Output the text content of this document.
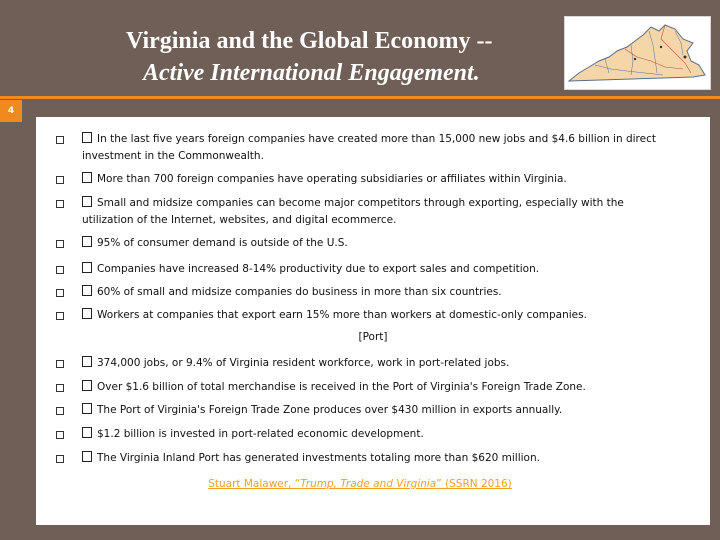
Virginia and the Global Economy --
Active International Engagement.
4
In the last five years foreign companies have created more than 15,000 new jobs and $4.6 billion in direct investment in the Commonwealth.
More than 700 foreign companies have operating subsidiaries or affiliates within Virginia.
Small and midsize companies can become major competitors through exporting, especially with the utilization of the Internet, websites, and digital ecommerce.
95% of consumer demand is outside of the U.S.
Companies have increased 8-14% productivity due to export sales and competition.
60% of small and midsize companies do business in more than six countries.
Workers at companies that export earn 15% more than workers at domestic-only companies.
[Port]
374,000 jobs, or 9.4% of Virginia resident workforce, work in port-related jobs.
Over $1.6 billion of total merchandise is received in the Port of Virginia's Foreign Trade Zone.
The Port of Virginia's Foreign Trade Zone produces over $430 million in exports annually.
$1.2 billion is invested in port-related economic development.
The Virginia Inland Port has generated investments totaling more than $620 million.
Stuart Malawer, “Trump, Trade and Virginia” (SSRN 2016)
